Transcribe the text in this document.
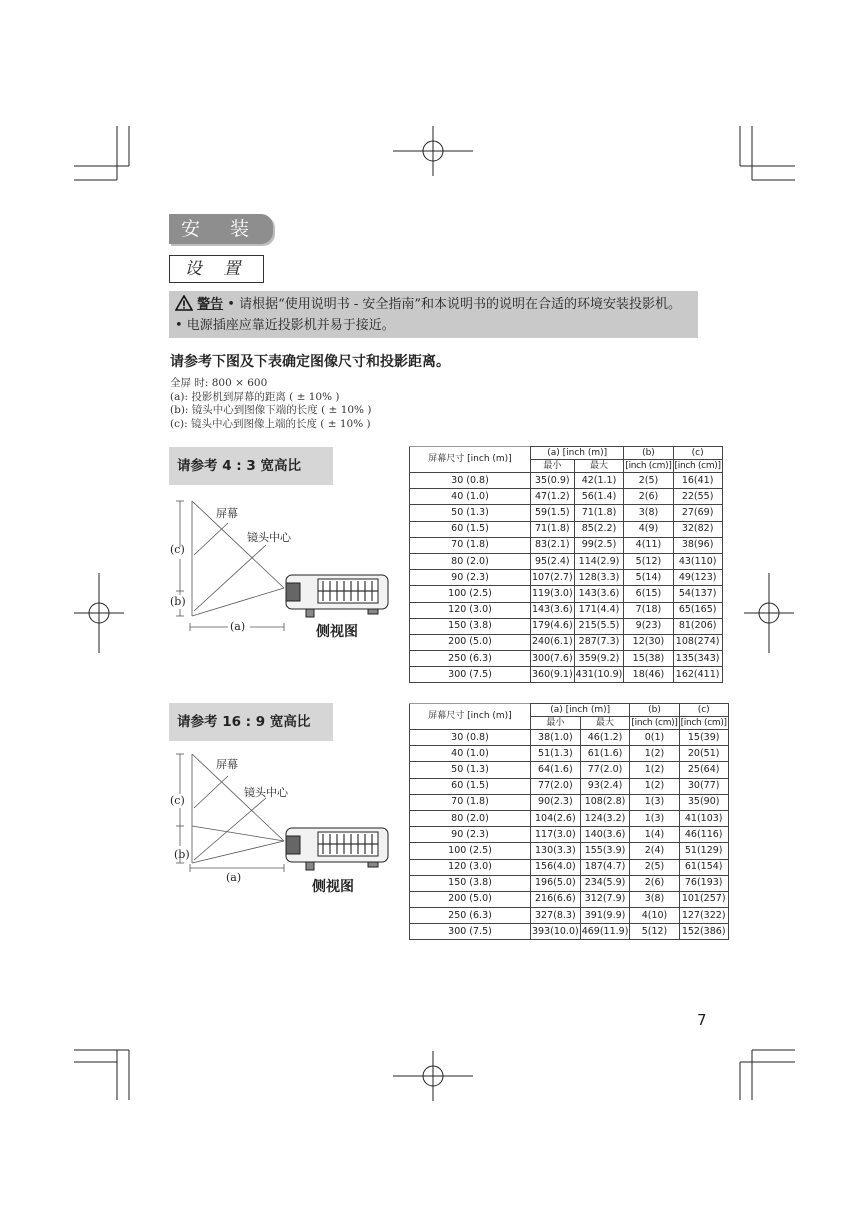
安 装
设 置
警告 • 请根据“使用说明书 - 安全指南”和本说明书的说明在合适的环境安装投影机。
• 电源插座应靠近投影机并易于接近。
请参考下图及下表确定图像尺寸和投影距离。
全屏 时: 800 × 600
(a): 投影机到屏幕的距离 ( ± 10% )
(b): 镜头中心到图像下端的长度 ( ± 10% )
(c): 镜头中心到图像上端的长度 ( ± 10% )
请参考 4 : 3 宽高比
屏幕
镜头中心
(c)
(b)
(a)	侧视图
屏幕尺寸 [inch (m)]	(a) [inch (m)]		(b)	(c)
	最小	最大	[inch (cm)]	[inch (cm)]
30 (0.8)	35(0.9)	42(1.1)	2(5)	16(41)
40 (1.0)	47(1.2)	56(1.4)	2(6)	22(55)
50 (1.3)	59(1.5)	71(1.8)	3(8)	27(69)
60 (1.5)	71(1.8)	85(2.2)	4(9)	32(82)
70 (1.8)	83(2.1)	99(2.5)	4(11)	38(96)
80 (2.0)	95(2.4)	114(2.9)	5(12)	43(110)
90 (2.3)	107(2.7)	128(3.3)	5(14)	49(123)
100 (2.5)	119(3.0)	143(3.6)	6(15)	54(137)
120 (3.0)	143(3.6)	171(4.4)	7(18)	65(165)
150 (3.8)	179(4.6)	215(5.5)	9(23)	81(206)
200 (5.0)	240(6.1)	287(7.3)	12(30)	108(274)
250 (6.3)	300(7.6)	359(9.2)	15(38)	135(343)
300 (7.5)	360(9.1)	431(10.9)	18(46)	162(411)
请参考 16 : 9 宽高比
屏幕
镜头中心
(c)
(b)
(a)
侧视图
屏幕尺寸 [inch (m)]	(a) [inch (m)]		(b)	(c)
	最小	最大	[inch (cm)]	[inch (cm)]
30 (0.8)	38(1.0)	46(1.2)	0(1)	15(39)
40 (1.0)	51(1.3)	61(1.6)	1(2)	20(51)
50 (1.3)	64(1.6)	77(2.0)	1(2)	25(64)
60 (1.5)	77(2.0)	93(2.4)	1(2)	30(77)
70 (1.8)	90(2.3)	108(2.8)	1(3)	35(90)
80 (2.0)	104(2.6)	124(3.2)	1(3)	41(103)
90 (2.3)	117(3.0)	140(3.6)	1(4)	46(116)
100 (2.5)	130(3.3)	155(3.9)	2(4)	51(129)
120 (3.0)	156(4.0)	187(4.7)	2(5)	61(154)
150 (3.8)	196(5.0)	234(5.9)	2(6)	76(193)
200 (5.0)	216(6.6)	312(7.9)	3(8)	101(257)
250 (6.3)	327(8.3)	391(9.9)	4(10)	127(322)
300 (7.5)	393(10.0)	469(11.9)	5(12)	152(386)
7
